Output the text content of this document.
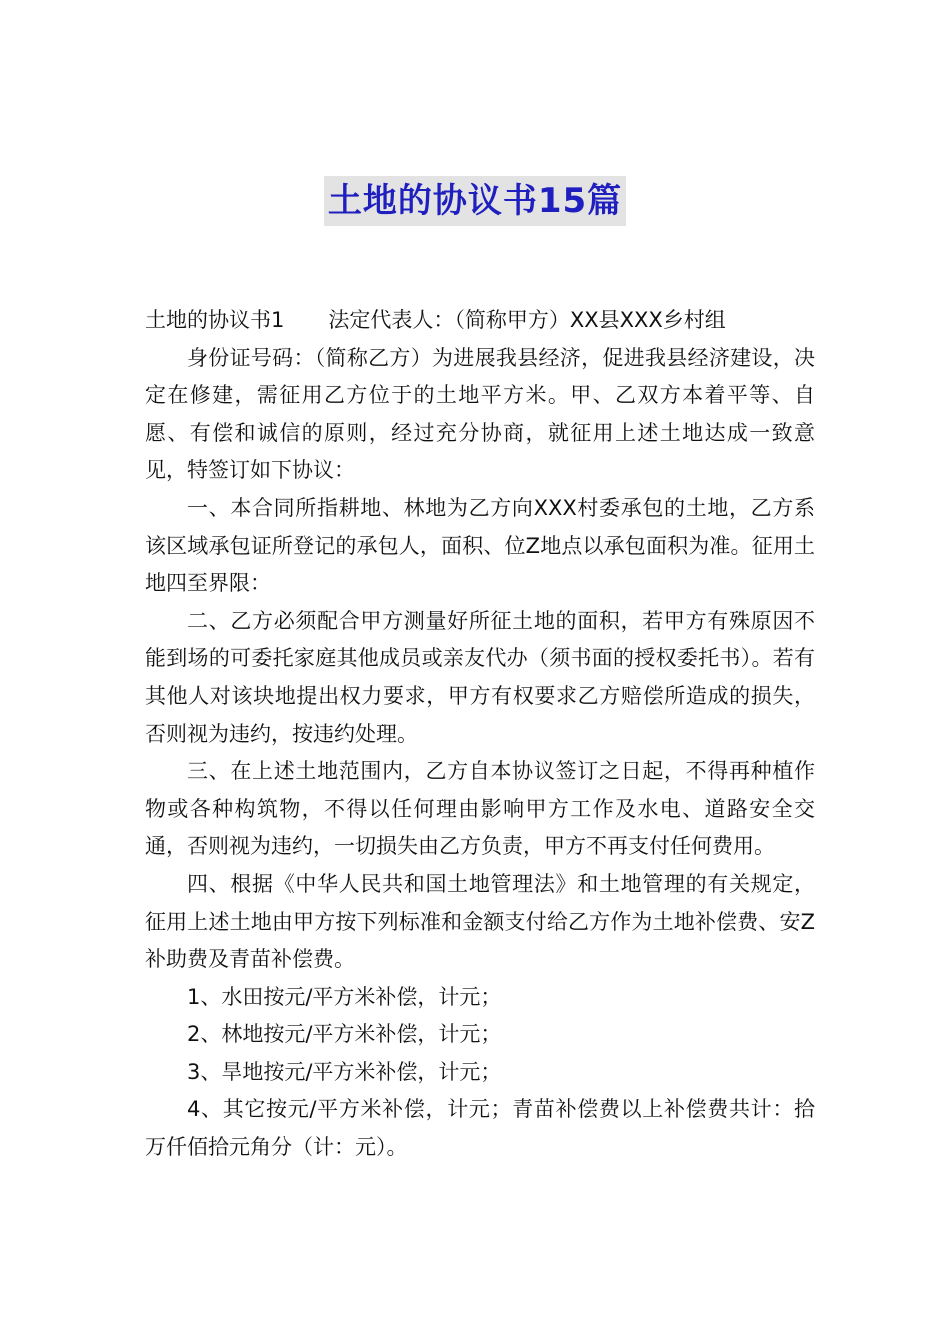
土地的协议书15篇

土地的协议书1 法定代表人：（简称甲方）XX县XXX乡村组

身份证号码：（简称乙方）为进展我县经济，促进我县经济建设，决定在修建，需征用乙方位于的土地平方米。甲、乙双方本着平等、自愿、有偿和诚信的原则，经过充分协商，就征用上述土地达成一致意见，特签订如下协议：

一、本合同所指耕地、林地为乙方向XXX村委承包的土地，乙方系该区域承包证所登记的承包人，面积、位Z地点以承包面积为准。征用土地四至界限：

二、乙方必须配合甲方测量好所征土地的面积，若甲方有殊原因不能到场的可委托家庭其他成员或亲友代办（须书面的授权委托书）。若有其他人对该块地提出权力要求，甲方有权要求乙方赔偿所造成的损失，否则视为违约，按违约处理。

三、在上述土地范围内，乙方自本协议签订之日起，不得再种植作物或各种构筑物，不得以任何理由影响甲方工作及水电、道路安全交通，否则视为违约，一切损失由乙方负责，甲方不再支付任何费用。

四、根据《中华人民共和国土地管理法》和土地管理的有关规定，征用上述土地由甲方按下列标准和金额支付给乙方作为土地补偿费、安Z补助费及青苗补偿费。

1、水田按元/平方米补偿，计元；

2、林地按元/平方米补偿，计元；

3、旱地按元/平方米补偿，计元；

4、其它按元/平方米补偿，计元；青苗补偿费以上补偿费共计：拾万仟佰拾元角分（计：元）。
